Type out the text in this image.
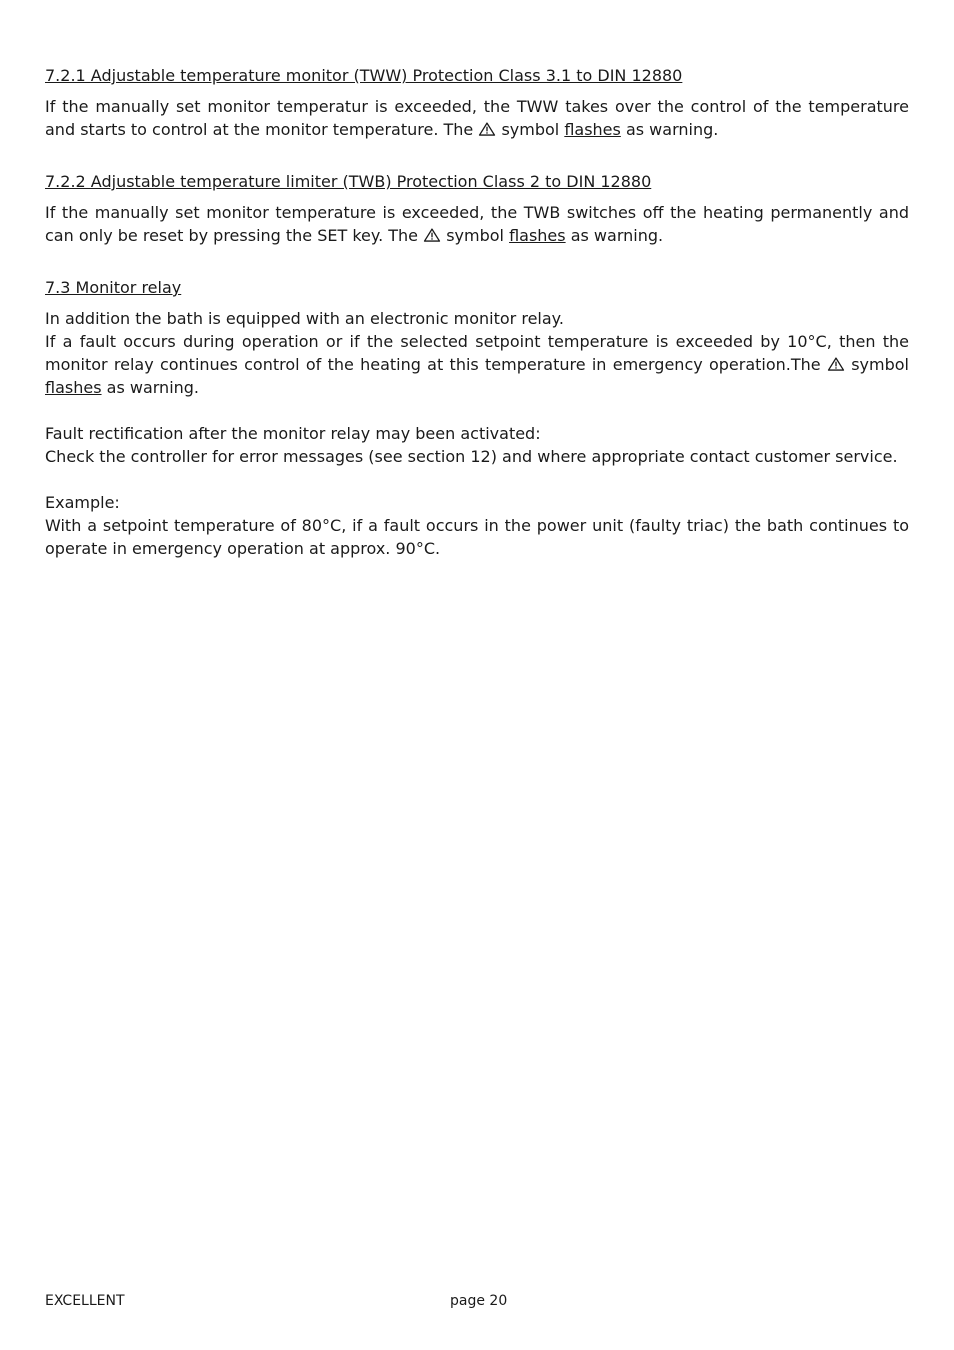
7.2.1 Adjustable temperature monitor (TWW) Protection Class 3.1 to DIN 12880

If the manually set monitor temperatur is exceeded, the TWW takes over the control of the temperature and starts to control at the monitor temperature. The  symbol flashes as warning.

7.2.2 Adjustable temperature limiter (TWB) Protection Class 2 to DIN 12880

If the manually set monitor temperature is exceeded, the TWB switches off the heating permanently and can only be reset by pressing the SET key. The  symbol flashes as warning.

7.3 Monitor relay

In addition the bath is equipped with an electronic monitor relay.

If a fault occurs during operation or if the selected setpoint temperature is exceeded by 10°C, then the monitor relay continues control of the heating at this temperature in emergency operation.The  symbol flashes as warning.

Fault rectification after the monitor relay may been activated:

Check the controller for error messages (see section 12) and where appropriate contact customer service.

Example:

With a setpoint temperature of 80°C, if a fault occurs in the power unit (faulty triac) the bath continues to operate in emergency operation at approx. 90°C.

EXCELLENT	page 20
